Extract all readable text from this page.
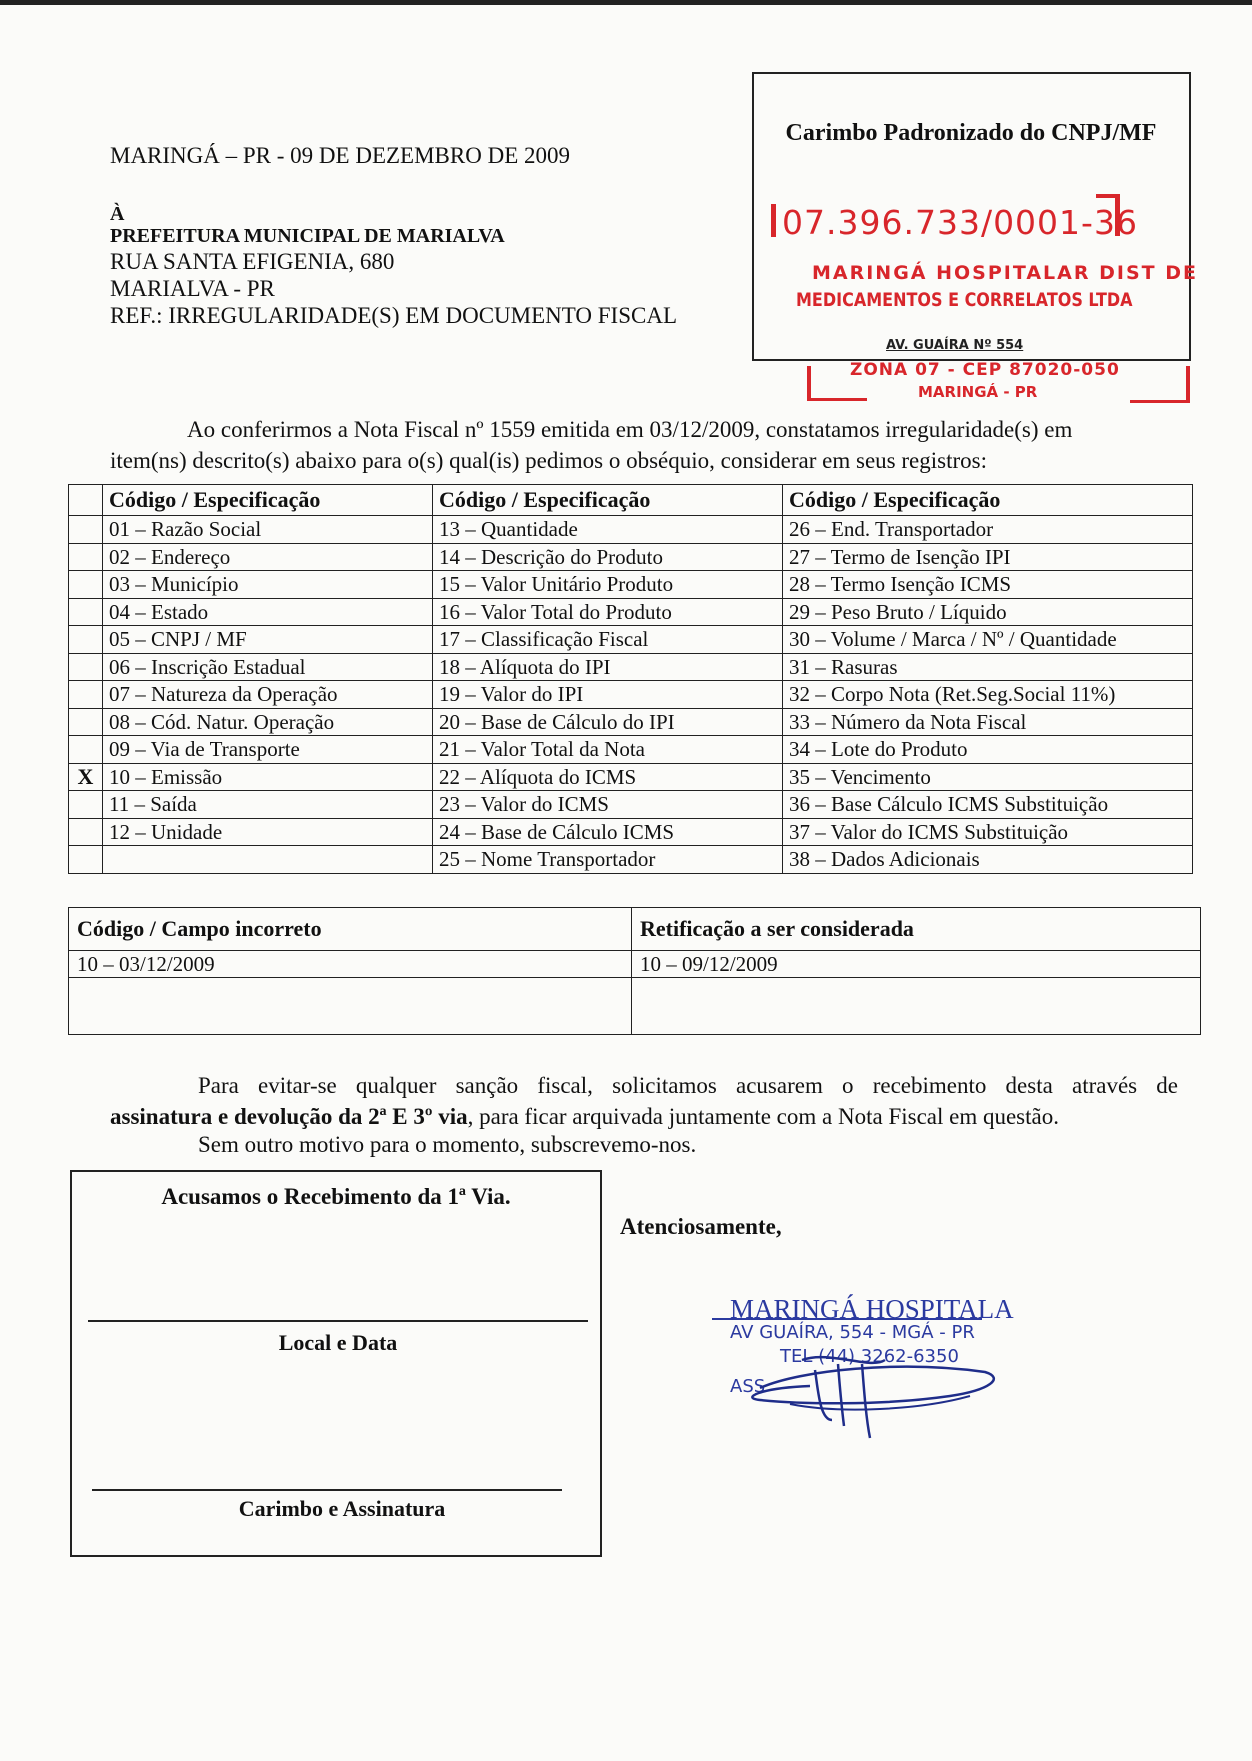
MARINGÁ – PR - 09 DE DEZEMBRO DE 2009
À
PREFEITURA MUNICIPAL DE MARIALVA
RUA SANTA EFIGENIA, 680
MARIALVA - PR
REF.: IRREGULARIDADE(S) EM DOCUMENTO FISCAL
Carimbo Padronizado do CNPJ/MF
07.396.733/0001-36
MARINGÁ HOSPITALAR DIST DE
MEDICAMENTOS E CORRELATOS LTDA
AV. GUAÍRA Nº 554
ZONA 07 - CEP 87020-050
MARINGÁ - PR
Ao conferirmos a Nota Fiscal nº 1559 emitida em 03/12/2009, constatamos irregularidade(s) em
item(ns) descrito(s) abaixo para o(s) qual(is) pedimos o obséquio, considerar em seus registros:
	Código / Especificação	Código / Especificação	Código / Especificação
	01 – Razão Social	13 – Quantidade	26 – End. Transportador
	02 – Endereço	14 – Descrição do Produto	27 – Termo de Isenção IPI
	03 – Município	15 – Valor Unitário Produto	28 – Termo Isenção ICMS
	04 – Estado	16 – Valor Total do Produto	29 – Peso Bruto / Líquido
	05 – CNPJ / MF	17 – Classificação Fiscal	30 – Volume / Marca / Nº / Quantidade
	06 – Inscrição Estadual	18 – Alíquota do IPI	31 – Rasuras
	07 – Natureza da Operação	19 – Valor do IPI	32 – Corpo Nota (Ret.Seg.Social 11%)
	08 – Cód. Natur. Operação	20 – Base de Cálculo do IPI	33 – Número da Nota Fiscal
	09 – Via de Transporte	21 – Valor Total da Nota	34 – Lote do Produto
X	10 – Emissão	22 – Alíquota do ICMS	35 – Vencimento
	11 – Saída	23 – Valor do ICMS	36 – Base Cálculo ICMS Substituição
	12 – Unidade	24 – Base de Cálculo ICMS	37 – Valor do ICMS Substituição
		25 – Nome Transportador	38 – Dados Adicionais
Código / Campo incorreto	Retificação a ser considerada
10 – 03/12/2009	10 – 09/12/2009

Para evitar-se qualquer sanção fiscal, solicitamos acusarem o recebimento desta através de
assinatura e devolução da 2ª E 3º via, para ficar arquivada juntamente com a Nota Fiscal em questão.
Sem outro motivo para o momento, subscrevemo-nos.
Acusamos o Recebimento da 1ª Via.
Local e Data
Carimbo e Assinatura
Atenciosamente,
MARINGÁ HOSPITALA
AV GUAÍRA, 554 - MGÁ - PR
TEL (44) 3262-6350
ASS
